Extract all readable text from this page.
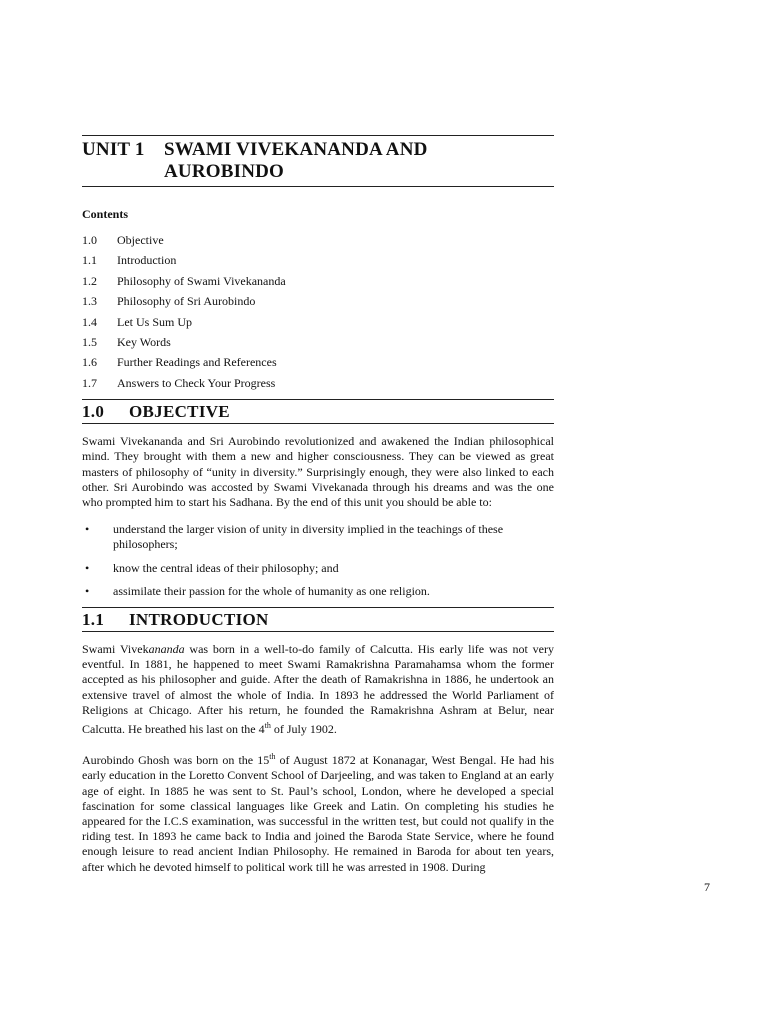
UNIT 1	SWAMI VIVEKANANDA AND
AUROBINDO
Contents
1.0	Objective
1.1	Introduction
1.2	Philosophy of Swami Vivekananda
1.3	Philosophy of Sri Aurobindo
1.4	Let Us Sum Up
1.5	Key Words
1.6	Further Readings and References
1.7	Answers to Check Your Progress
1.0	OBJECTIVE

Swami Vivekananda and Sri Aurobindo revolutionized and awakened the Indian philosophical mind. They brought with them a new and higher consciousness. They can be viewed as great masters of philosophy of “unity in diversity.” Surprisingly enough, they were also linked to each other. Sri Aurobindo was accosted by Swami Vivekanada through his dreams and was the one who prompted him to start his Sadhana. By the end of this unit you should be able to:

•	understand the larger vision of unity in diversity implied in the teachings of these philosophers;
•	know the central ideas of their philosophy; and
•	assimilate their passion for the whole of humanity as one religion.
1.1	INTRODUCTION

Swami Vivekananda was born in a well-to-do family of Calcutta. His early life was not very eventful. In 1881, he happened to meet Swami Ramakrishna Paramahamsa whom the former accepted as his philosopher and guide. After the death of Ramakrishna in 1886, he undertook an extensive travel of almost the whole of India. In 1893 he addressed the World Parliament of Religions at Chicago. After his return, he founded the Ramakrishna Ashram at Belur, near Calcutta. He breathed his last on the 4th of July 1902.

Aurobindo Ghosh was born on the 15th of August 1872 at Konanagar, West Bengal. He had his early education in the Loretto Convent School of Darjeeling, and was taken to England at an early age of eight. In 1885 he was sent to St. Paul’s school, London, where he developed a special fascination for some classical languages like Greek and Latin. On completing his studies he appeared for the I.C.S examination, was successful in the written test, but could not qualify in the riding test. In 1893 he came back to India and joined the Baroda State Service, where he found enough leisure to read ancient Indian Philosophy. He remained in Baroda for about ten years, after which he devoted himself to political work till he was arrested in 1908. During

7
